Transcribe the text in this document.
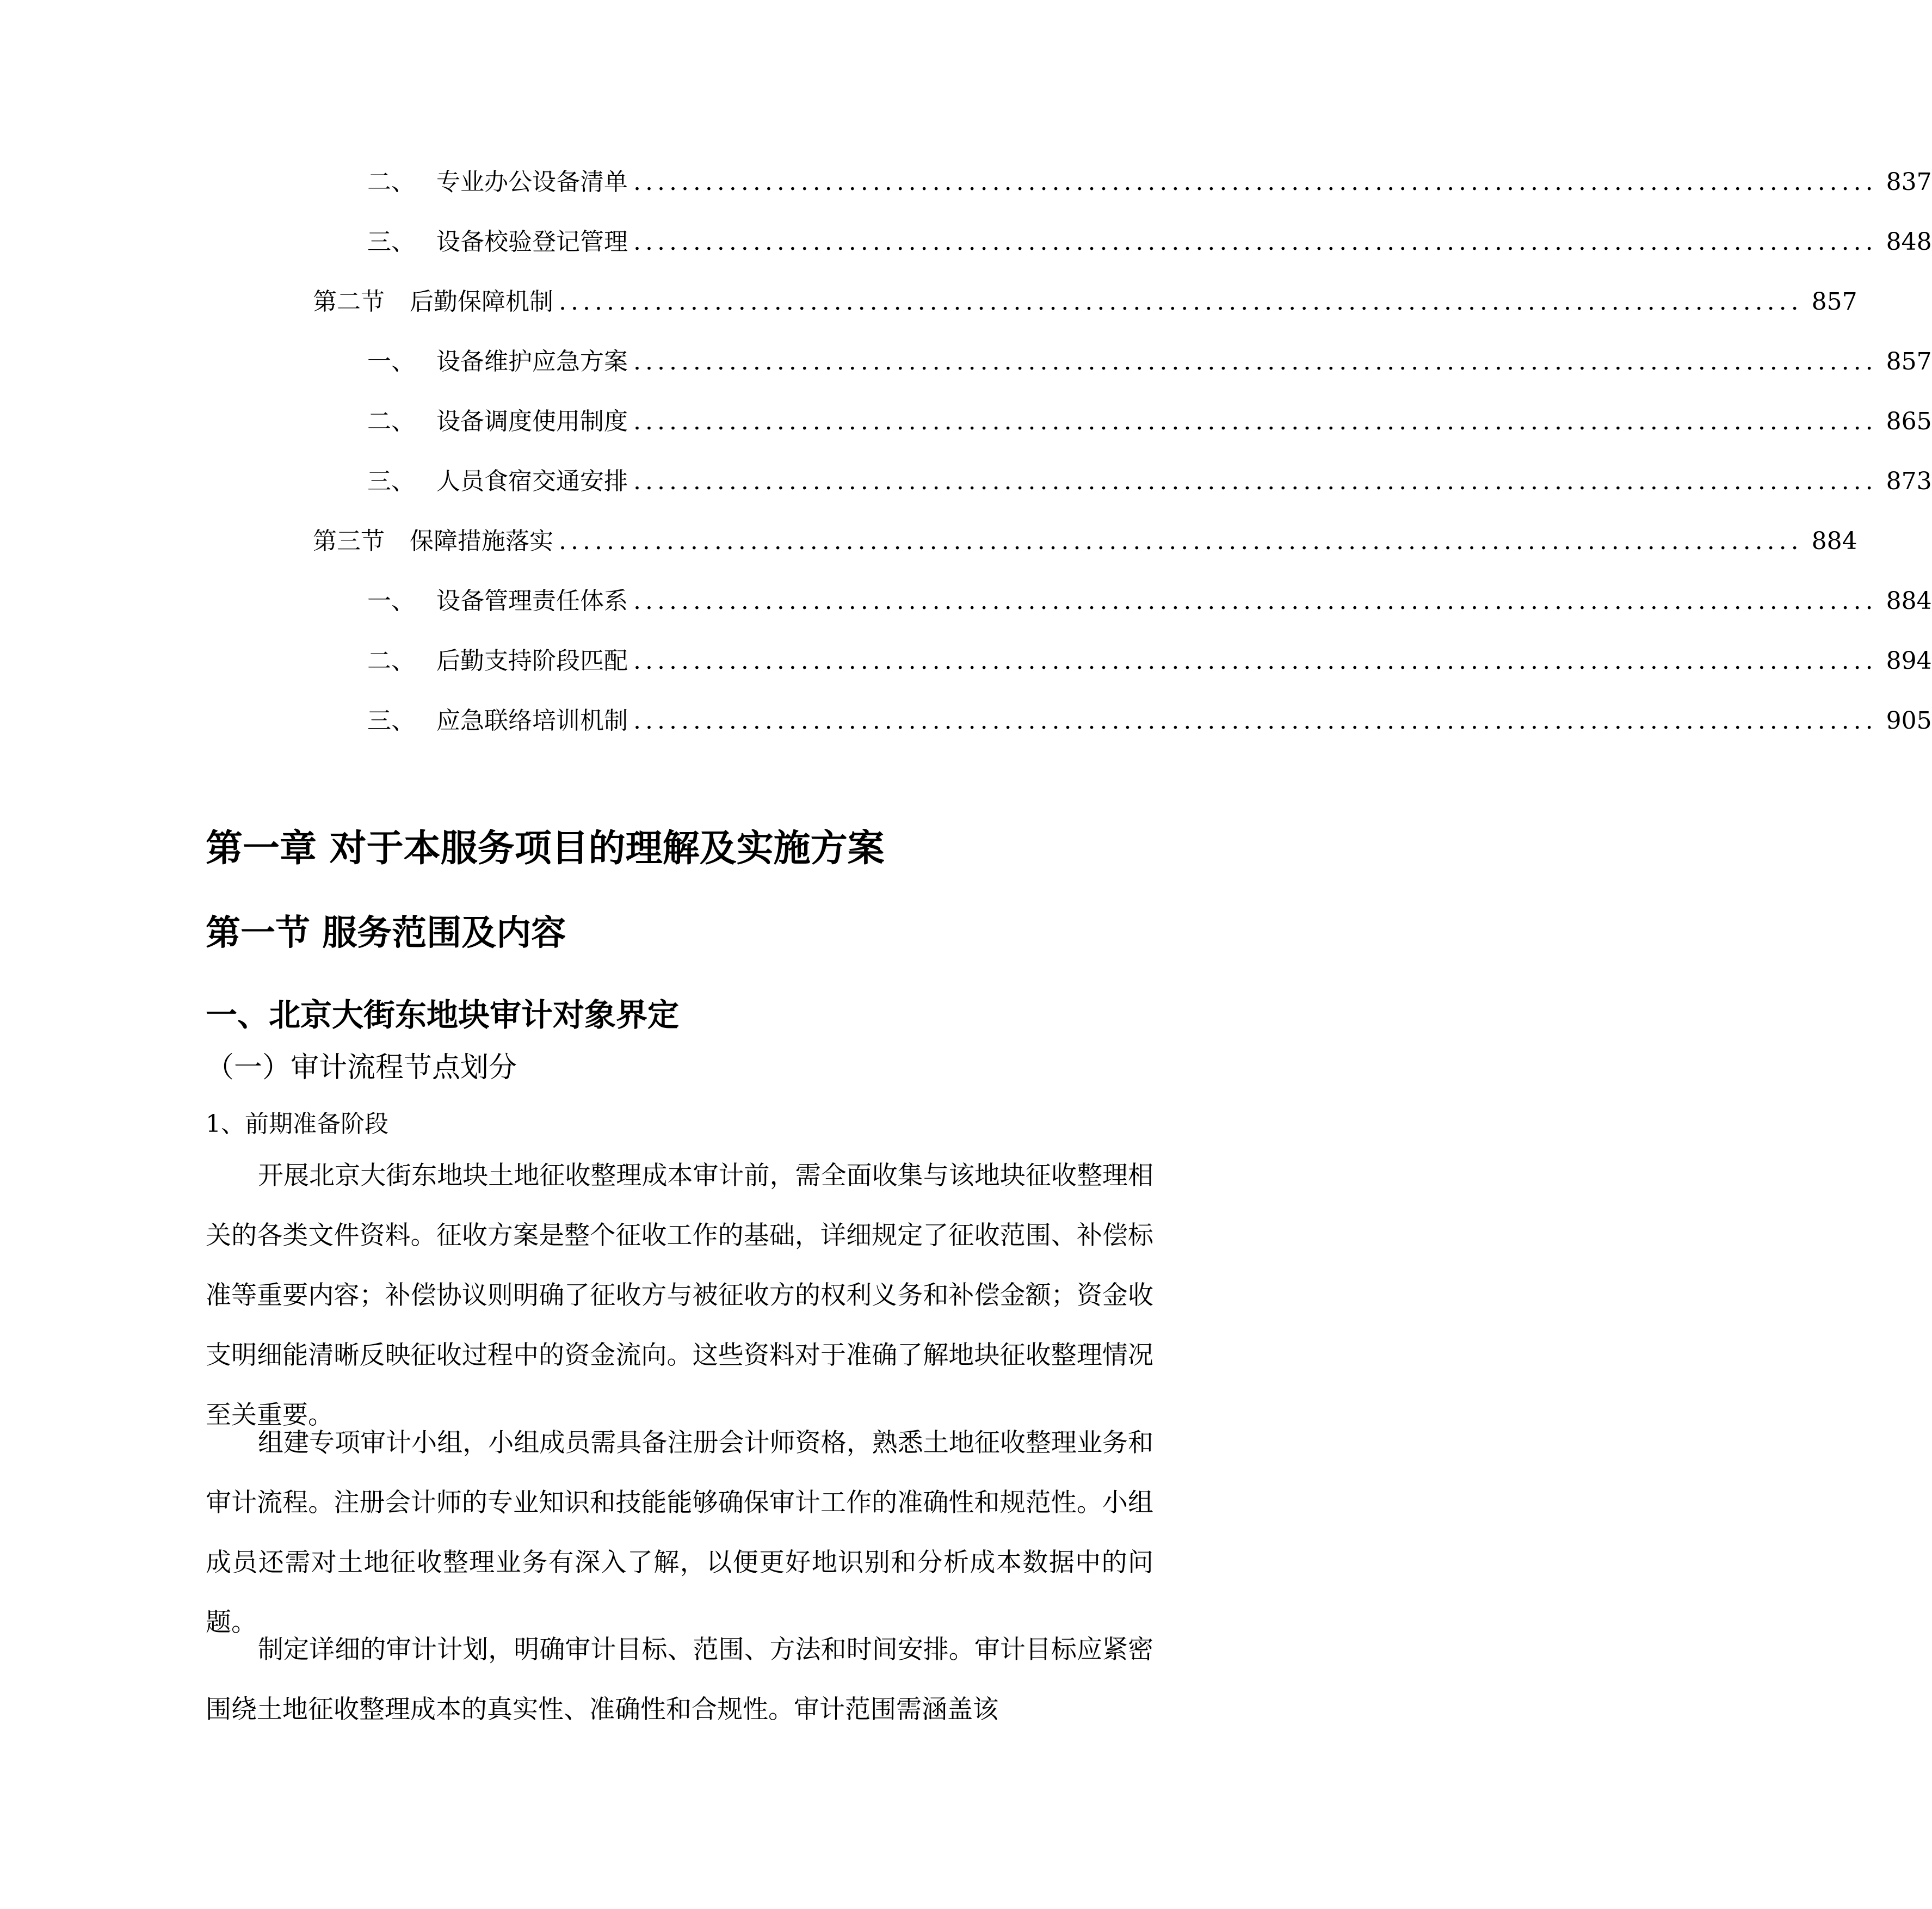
二、 专业办公设备清单 ........................................................................................................ 837
三、 设备校验登记管理 ........................................................................................................ 848
第二节	后勤保障机制 ........................................................................................................ 857
一、 设备维护应急方案 ........................................................................................................ 857
二、 设备调度使用制度 ........................................................................................................ 865
三、 人员食宿交通安排 ........................................................................................................ 873
第三节	保障措施落实 ........................................................................................................ 884
一、 设备管理责任体系 ........................................................................................................ 884
二、 后勤支持阶段匹配 ........................................................................................................ 894
三、 应急联络培训机制 ........................................................................................................ 905
第一章 对于本服务项目的理解及实施方案
第一节 服务范围及内容
一、北京大街东地块审计对象界定
（一）审计流程节点划分
1、前期准备阶段

开展北京大街东地块土地征收整理成本审计前，需全面收集与该地块征收整理相关的各类文件资料。征收方案是整个征收工作的基础，详细规定了征收范围、补偿标准等重要内容；补偿协议则明确了征收方与被征收方的权利义务和补偿金额；资金收支明细能清晰反映征收过程中的资金流向。这些资料对于准确了解地块征收整理情况至关重要。

组建专项审计小组，小组成员需具备注册会计师资格，熟悉土地征收整理业务和审计流程。注册会计师的专业知识和技能能够确保审计工作的准确性和规范性。小组成员还需对土地征收整理业务有深入了解，以便更好地识别和分析成本数据中的问题。

制定详细的审计计划，明确审计目标、范围、方法和时间安排。审计目标应紧密围绕土地征收整理成本的真实性、准确性和合规性。审计范围需涵盖该
